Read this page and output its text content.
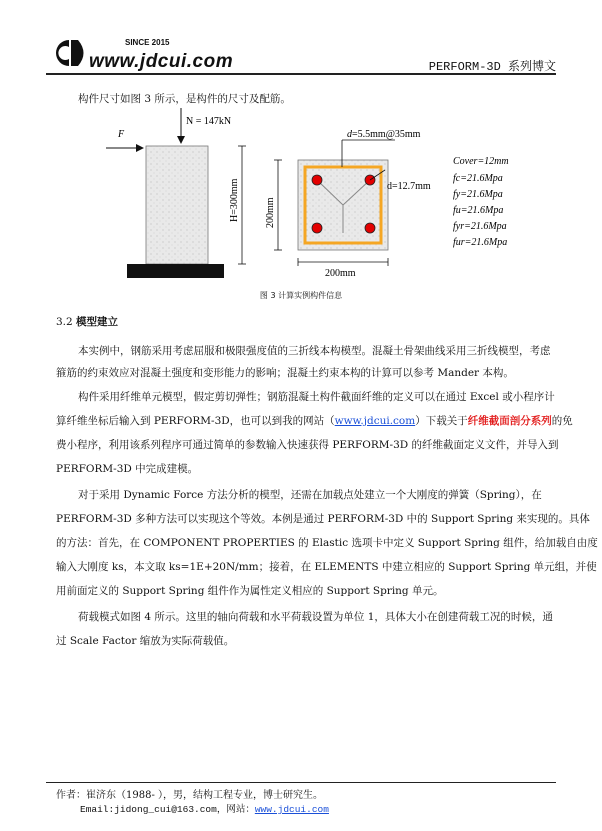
SINCE 2015
www.jdcui.com	PERFORM-3D 系列博文
构件尺寸如图 3 所示，是构件的尺寸及配筋。
N = 147kN
F
H=300mm
d=5.5mm@35mm
d=12.7mm
200mm
200mm
Cover=12mm
fc=21.6Mpa
fy=21.6Mpa
fu=21.6Mpa
fyr=21.6Mpa
fur=21.6Mpa
图 3 计算实例构件信息
3.2 模型建立
本实例中，钢筋采用考虑屈服和极限强度值的三折线本构模型。混凝土骨架曲线采用三折线模型，考虑
箍筋的约束效应对混凝土强度和变形能力的影响；混凝土约束本构的计算可以参考 Mander 本构。
构件采用纤维单元模型，假定剪切弹性；钢筋混凝土构件截面纤维的定义可以在通过 Excel 或小程序计
算纤维坐标后输入到 PERFORM-3D，也可以到我的网站（www.jdcui.com）下载关于纤维截面剖分系列的免
费小程序，利用该系列程序可通过简单的参数输入快速获得 PERFORM-3D 的纤维截面定义文件，并导入到
PERFORM-3D 中完成建模。
对于采用 Dynamic Force 方法分析的模型，还需在加载点处建立一个大刚度的弹簧（Spring），在
PERFORM-3D 多种方法可以实现这个等效。本例是通过 PERFORM-3D 中的 Support Spring 来实现的。具体
的方法：首先，在 COMPONENT PROPERTIES 的 Elastic 选项卡中定义 Support Spring 组件，给加载自由度
输入大刚度 ks，本文取 ks=1E+20N/mm；接着，在 ELEMENTS 中建立相应的 Support Spring 单元组，并使
用前面定义的 Support Spring 组件作为属性定义相应的 Support Spring 单元。
荷载模式如图 4 所示。这里的轴向荷载和水平荷载设置为单位 1，具体大小在创建荷载工况的时候，通
过 Scale Factor 缩放为实际荷载值。
作者：崔济东（1988- ），男，结构工程专业，博士研究生。
Email:jidong_cui@163.com，网站：www.jdcui.com
